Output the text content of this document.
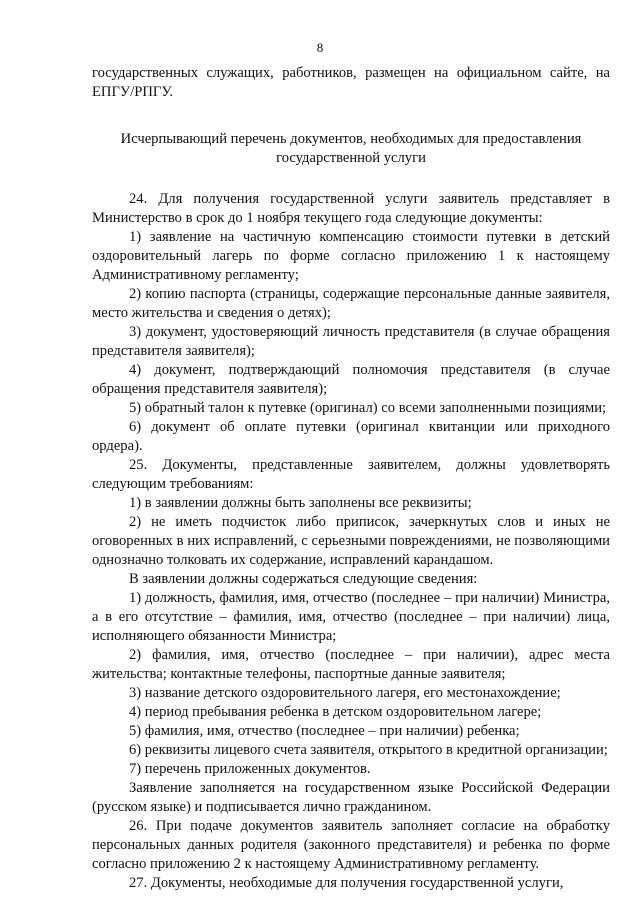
8

государственных служащих, работников, размещен на официальном сайте, на ЕПГУ/РПГУ.

Исчерпывающий перечень документов, необходимых для предоставления государственной услуги

24. Для получения государственной услуги заявитель представляет в Министерство в срок до 1 ноября текущего года следующие документы:

1) заявление на частичную компенсацию стоимости путевки в детский оздоровительный лагерь по форме согласно приложению 1 к настоящему Административному регламенту;

2) копию паспорта (страницы, содержащие персональные данные заявителя, место жительства и сведения о детях);

3) документ, удостоверяющий личность представителя (в случае обращения представителя заявителя);

4) документ, подтверждающий полномочия представителя (в случае обращения представителя заявителя);

5) обратный талон к путевке (оригинал) со всеми заполненными позициями;

6) документ об оплате путевки (оригинал квитанции или приходного ордера).

25. Документы, представленные заявителем, должны удовлетворять следующим требованиям:

1) в заявлении должны быть заполнены все реквизиты;

2) не иметь подчисток либо приписок, зачеркнутых слов и иных не оговоренных в них исправлений, с серьезными повреждениями, не позволяющими однозначно толковать их содержание, исправлений карандашом.

В заявлении должны содержаться следующие сведения:

1) должность, фамилия, имя, отчество (последнее – при наличии) Министра, а в его отсутствие – фамилия, имя, отчество (последнее – при наличии) лица, исполняющего обязанности Министра;

2) фамилия, имя, отчество (последнее – при наличии), адрес места жительства; контактные телефоны, паспортные данные заявителя;

3) название детского оздоровительного лагеря, его местонахождение;

4) период пребывания ребенка в детском оздоровительном лагере;

5) фамилия, имя, отчество (последнее – при наличии) ребенка;

6) реквизиты лицевого счета заявителя, открытого в кредитной организации;

7) перечень приложенных документов.

Заявление заполняется на государственном языке Российской Федерации (русском языке) и подписывается лично гражданином.

26. При подаче документов заявитель заполняет согласие на обработку персональных данных родителя (законного представителя) и ребенка по форме согласно приложению 2 к настоящему Административному регламенту.

27. Документы, необходимые для получения государственной услуги,
